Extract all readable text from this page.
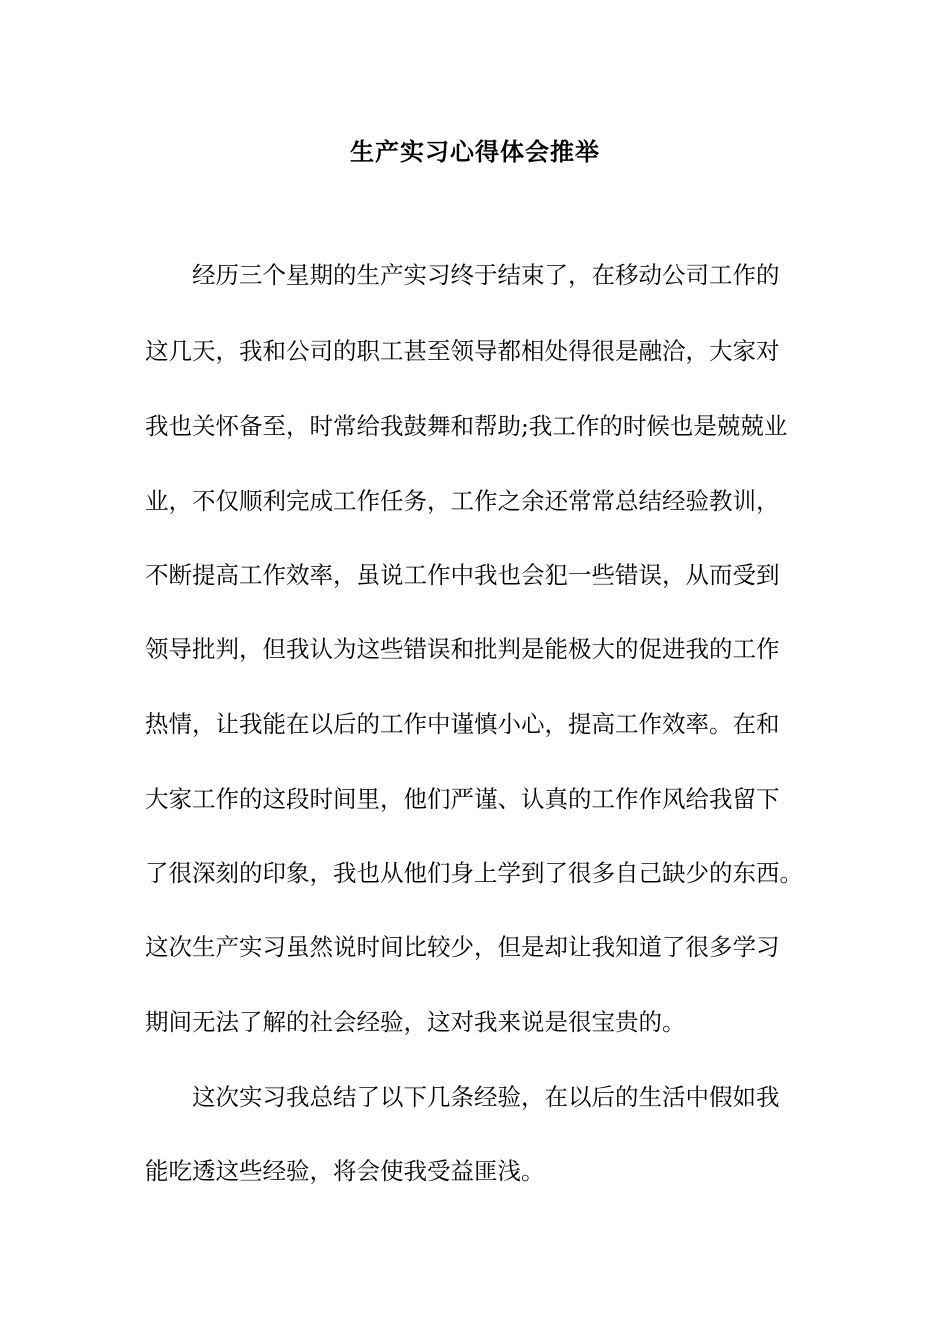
生产实习心得体会推举
经历三个星期的生产实习终于结束了，在移动公司工作的
这几天，我和公司的职工甚至领导都相处得很是融洽，大家对
我也关怀备至，时常给我鼓舞和帮助;我工作的时候也是兢兢业
业，不仅顺利完成工作任务，工作之余还常常总结经验教训，
不断提高工作效率，虽说工作中我也会犯一些错误，从而受到
领导批判，但我认为这些错误和批判是能极大的促进我的工作
热情，让我能在以后的工作中谨慎小心，提高工作效率。在和
大家工作的这段时间里，他们严谨、认真的工作作风给我留下
了很深刻的印象，我也从他们身上学到了很多自己缺少的东西。
这次生产实习虽然说时间比较少，但是却让我知道了很多学习
期间无法了解的社会经验，这对我来说是很宝贵的。
这次实习我总结了以下几条经验，在以后的生活中假如我
能吃透这些经验，将会使我受益匪浅。
